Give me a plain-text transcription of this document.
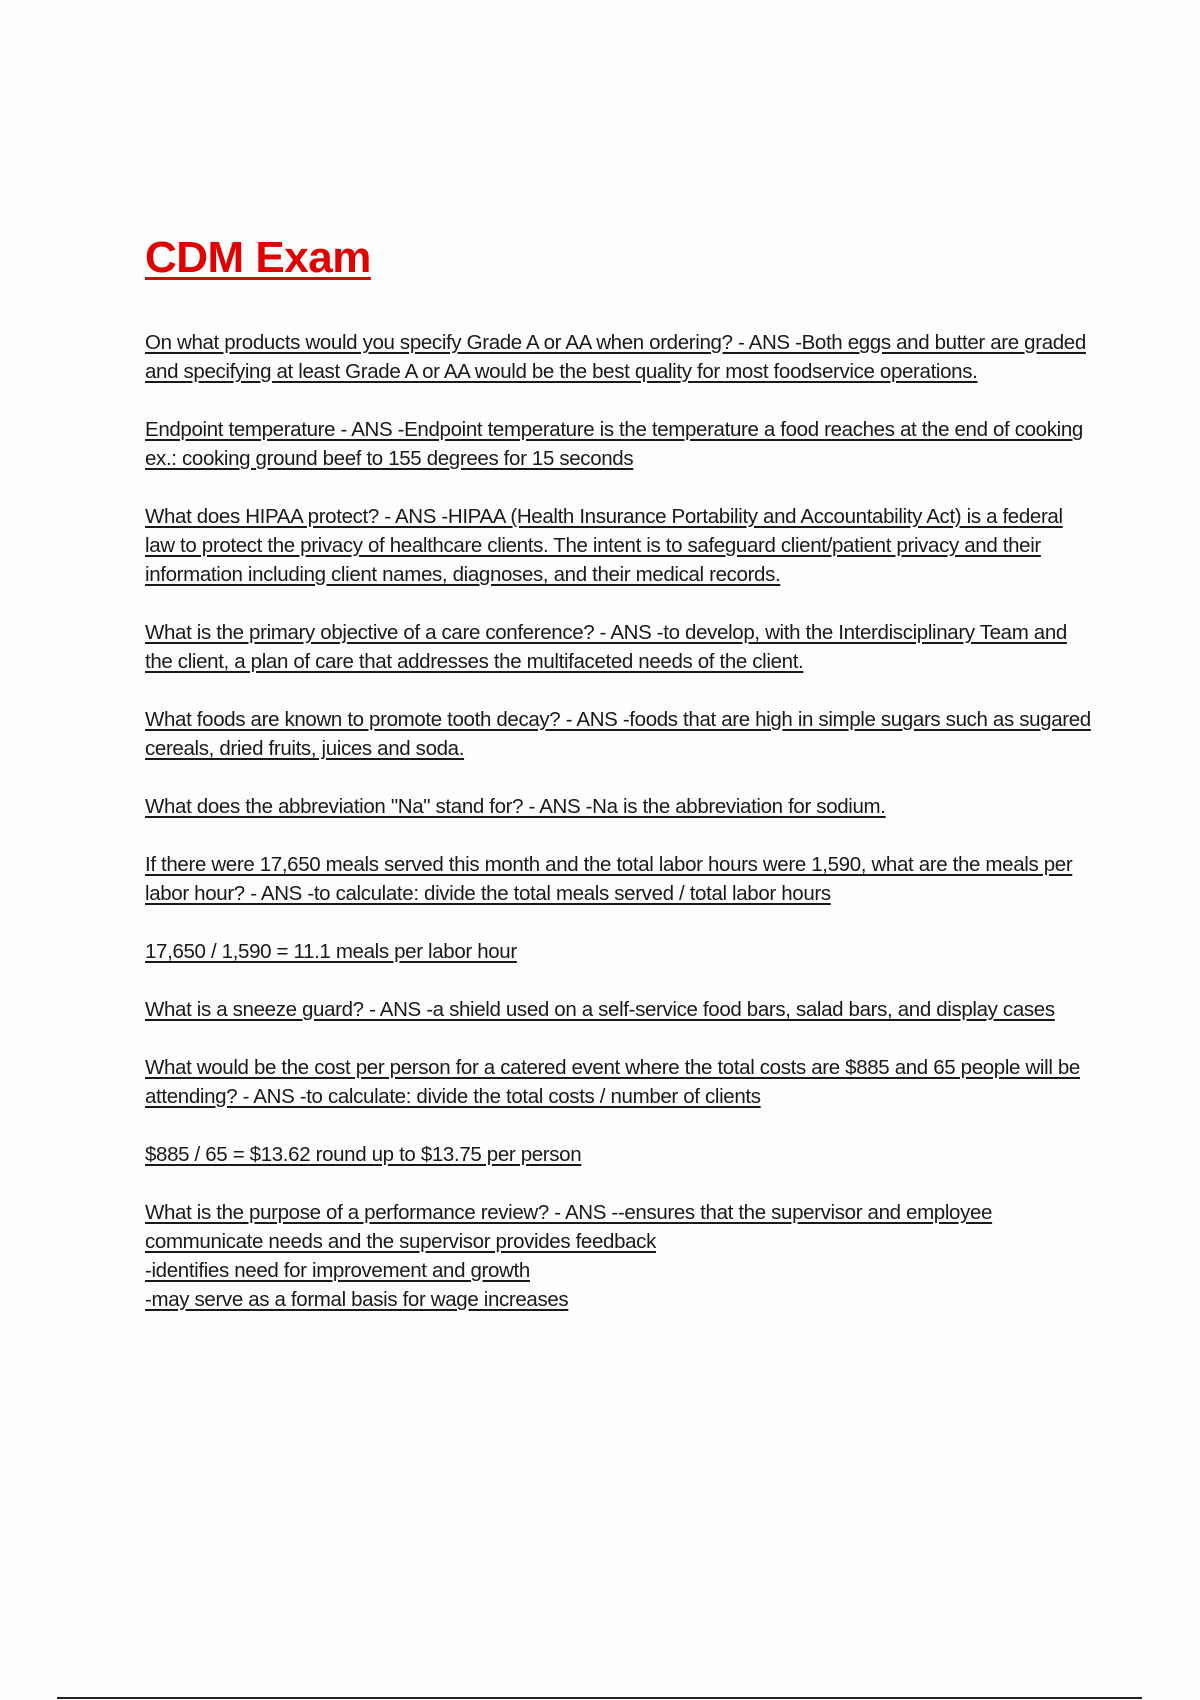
CDM Exam

On what products would you specify Grade A or AA when ordering? - ANS -Both eggs and butter are graded and specifying at least Grade A or AA would be the best quality for most foodservice operations.

Endpoint temperature - ANS -Endpoint temperature is the temperature a food reaches at the end of cooking
ex.: cooking ground beef to 155 degrees for 15 seconds

What does HIPAA protect? - ANS -HIPAA (Health Insurance Portability and Accountability Act) is a federal law to protect the privacy of healthcare clients. The intent is to safeguard client/patient privacy and their information including client names, diagnoses, and their medical records.

What is the primary objective of a care conference? - ANS -to develop, with the Interdisciplinary Team and the client, a plan of care that addresses the multifaceted needs of the client.

What foods are known to promote tooth decay? - ANS -foods that are high in simple sugars such as sugared cereals, dried fruits, juices and soda.

What does the abbreviation "Na" stand for? - ANS -Na is the abbreviation for sodium.

If there were 17,650 meals served this month and the total labor hours were 1,590, what are the meals per labor hour? - ANS -to calculate: divide the total meals served / total labor hours

17,650 / 1,590 = 11.1 meals per labor hour

What is a sneeze guard? - ANS -a shield used on a self-service food bars, salad bars, and display cases

What would be the cost per person for a catered event where the total costs are $885 and 65 people will be attending? - ANS -to calculate: divide the total costs / number of clients

$885 / 65 = $13.62 round up to $13.75 per person

What is the purpose of a performance review? - ANS --ensures that the supervisor and employee communicate needs and the supervisor provides feedback
-identifies need for improvement and growth
-may serve as a formal basis for wage increases
